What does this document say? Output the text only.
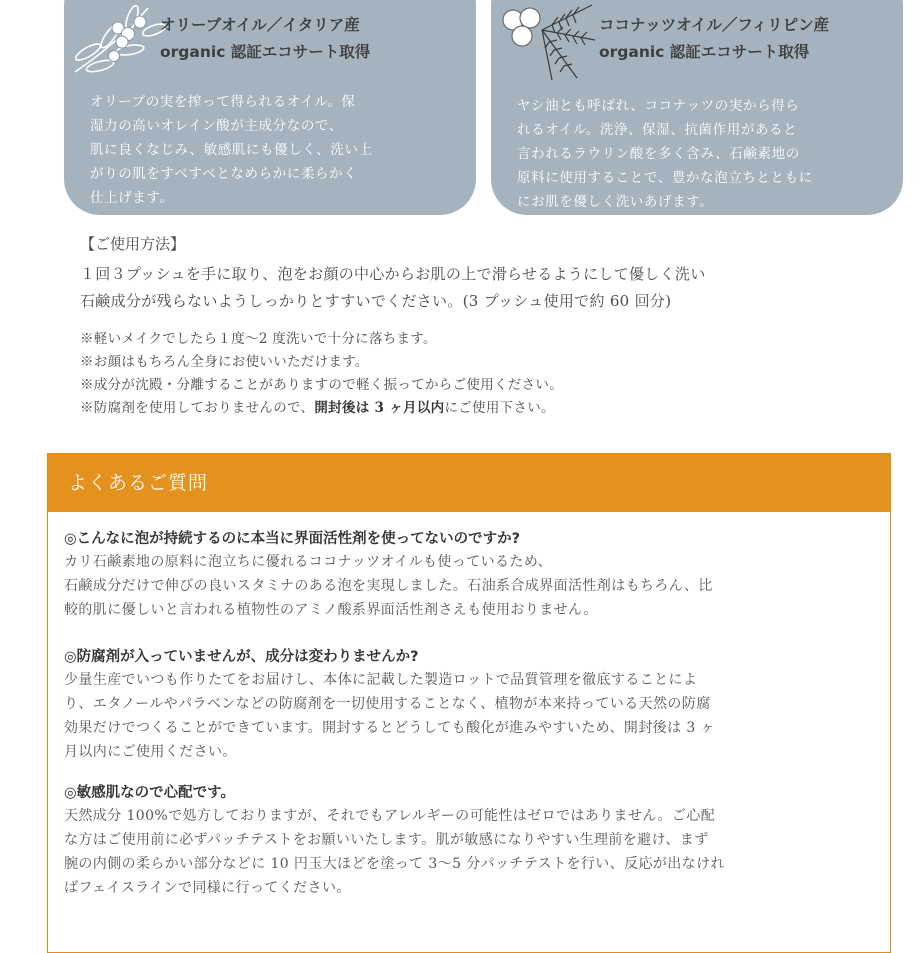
オリーブオイル／イタリア産
organic 認証エコサート取得
オリーブの実を搾って得られるオイル。保
湿力の高いオレイン酸が主成分なので、
肌に良くなじみ、敏感肌にも優しく、洗い上
がりの肌をすべすべとなめらかに柔らかく
仕上げます。
ココナッツオイル／フィリピン産
organic 認証エコサート取得
ヤシ油とも呼ばれ、ココナッツの実から得ら
れるオイル。洗浄、保湿、抗菌作用があると
言われるラウリン酸を多く含み、石鹸素地の
原料に使用することで、豊かな泡立ちとともに
にお肌を優しく洗いあげます。
【ご使用方法】
１回３プッシュを手に取り、泡をお顔の中心からお肌の上で滑らせるようにして優しく洗い
石鹸成分が残らないようしっかりとすすいでください。(3 プッシュ使用で約 60 回分)
※軽いメイクでしたら１度〜2 度洗いで十分に落ちます。
※お顔はもちろん全身にお使いいただけます。
※成分が沈殿・分離することがありますので軽く振ってからご使用ください。
※防腐剤を使用しておりませんので、開封後は 3 ヶ月以内にご使用下さい。
よくあるご質問
◎こんなに泡が持続するのに本当に界面活性剤を使ってないのですか?
カリ石鹸素地の原料に泡立ちに優れるココナッツオイルも使っているため、
石鹸成分だけで伸びの良いスタミナのある泡を実現しました。石油系合成界面活性剤はもちろん、比
較的肌に優しいと言われる植物性のアミノ酸系界面活性剤さえも使用おりません。
◎防腐剤が入っていませんが、成分は変わりませんか?
少量生産でいつも作りたてをお届けし、本体に記載した製造ロットで品質管理を徹底することによ
り、エタノールやパラベンなどの防腐剤を一切使用することなく、植物が本来持っている天然の防腐
効果だけでつくることができています。開封するとどうしても酸化が進みやすいため、開封後は 3 ヶ
月以内にご使用ください。
◎敏感肌なので心配です。
天然成分 100%で処方しておりますが、それでもアレルギーの可能性はゼロではありません。ご心配
な方はご使用前に必ずパッチテストをお願いいたします。肌が敏感になりやすい生理前を避け、まず
腕の内側の柔らかい部分などに 10 円玉大ほどを塗って 3〜5 分パッチテストを行い、反応が出なけれ
ばフェイスラインで同様に行ってください。
